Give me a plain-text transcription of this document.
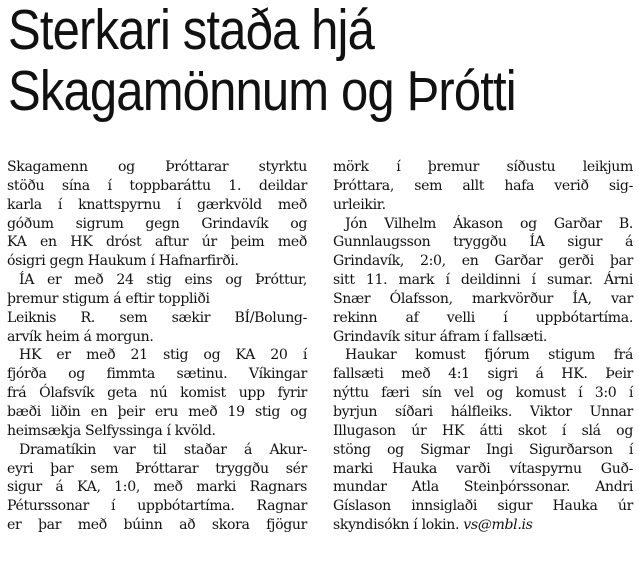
Sterkari staða hjá
Skagamönnum og Þrótti
Skagamenn og Þróttarar styrktu
stöðu sína í toppbaráttu 1. deildar
karla í knattspyrnu í gærkvöld með
góðum sigrum gegn Grindavík og
KA en HK dróst aftur úr þeim með
ósigri gegn Haukum í Hafnarfirði.
ÍA er með 24 stig eins og Þróttur,
þremur stigum á eftir toppliði
Leiknis R. sem sækir BÍ/Bolung-
arvík heim á morgun.
HK er með 21 stig og KA 20 í
fjórða og fimmta sætinu. Víkingar
frá Ólafsvík geta nú komist upp fyrir
bæði liðin en þeir eru með 19 stig og
heimsækja Selfyssinga í kvöld.
Dramatíkin var til staðar á Akur-
eyri þar sem Þróttarar tryggðu sér
sigur á KA, 1:0, með marki Ragnars
Péturssonar í uppbótartíma. Ragnar
er þar með búinn að skora fjögur
mörk í þremur síðustu leikjum
Þróttara, sem allt hafa verið sig-
urleikir.
Jón Vilhelm Ákason og Garðar B.
Gunnlaugsson tryggðu ÍA sigur á
Grindavík, 2:0, en Garðar gerði þar
sitt 11. mark í deildinni í sumar. Árni
Snær Ólafsson, markvörður ÍA, var
rekinn af velli í uppbótartíma.
Grindavík situr áfram í fallsæti.
Haukar komust fjórum stigum frá
fallsæti með 4:1 sigri á HK. Þeir
nýttu færi sín vel og komust í 3:0 í
byrjun síðari hálfleiks. Viktor Unnar
Illugason úr HK átti skot í slá og
stöng og Sigmar Ingi Sigurðarson í
marki Hauka varði vítaspyrnu Guð-
mundar Atla Steinþórssonar. Andri
Gíslason innsiglaði sigur Hauka úr
skyndisókn í lokin. vs@mbl.is
